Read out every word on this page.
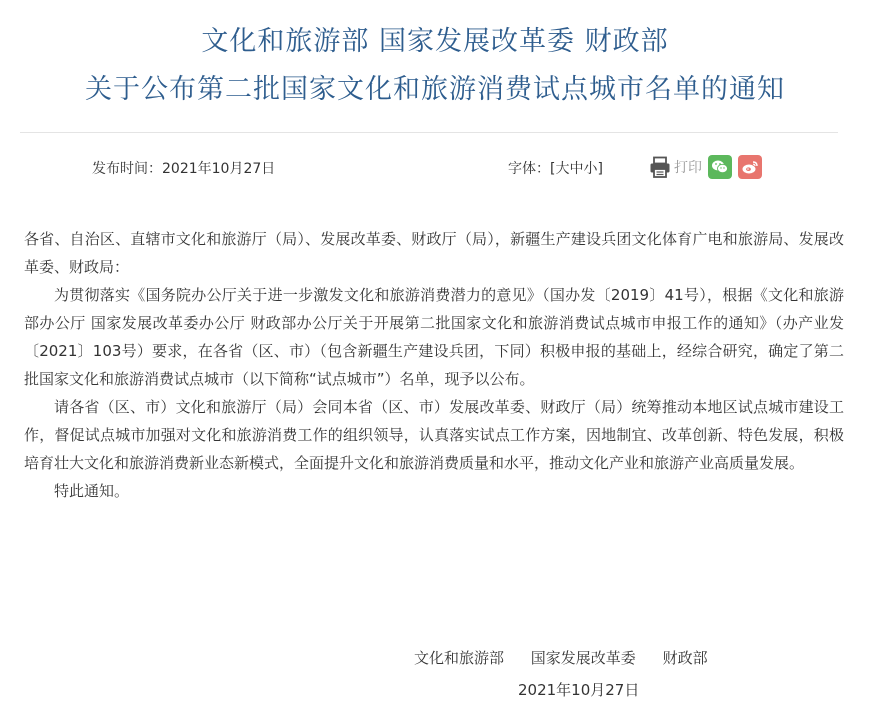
文化和旅游部 国家发展改革委 财政部
关于公布第二批国家文化和旅游消费试点城市名单的通知
发布时间：2021年10月27日	字体：[大中小]	打印

各省、自治区、直辖市文化和旅游厅（局）、发展改革委、财政厅（局），新疆生产建设兵团文化体育广电和旅游局、发展改革委、财政局：

为贯彻落实《国务院办公厅关于进一步激发文化和旅游消费潜力的意见》（国办发〔2019〕41号），根据《文化和旅游部办公厅 国家发展改革委办公厅 财政部办公厅关于开展第二批国家文化和旅游消费试点城市申报工作的通知》（办产业发〔2021〕103号）要求，在各省（区、市）（包含新疆生产建设兵团，下同）积极申报的基础上，经综合研究，确定了第二批国家文化和旅游消费试点城市（以下简称“试点城市”）名单，现予以公布。

请各省（区、市）文化和旅游厅（局）会同本省（区、市）发展改革委、财政厅（局）统筹推动本地区试点城市建设工作，督促试点城市加强对文化和旅游消费工作的组织领导，认真落实试点工作方案，因地制宜、改革创新、特色发展，积极培育壮大文化和旅游消费新业态新模式，全面提升文化和旅游消费质量和水平，推动文化产业和旅游产业高质量发展。

特此通知。

文化和旅游部 国家发展改革委 财政部
2021年10月27日
